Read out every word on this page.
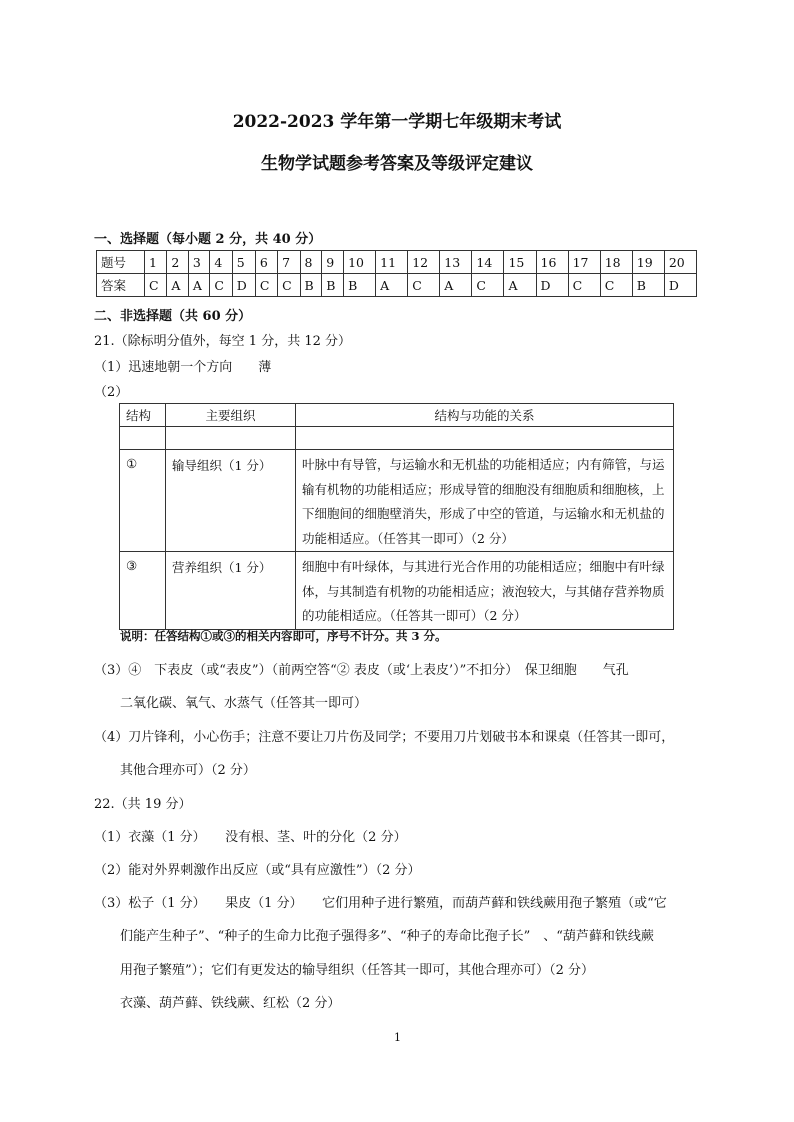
2022-2023 学年第一学期七年级期末考试
生物学试题参考答案及等级评定建议
一、选择题（每小题 2 分，共 40 分）
题号	1	2	3	4	5	6	7	8	9	10	11	12	13	14	15	16	17	18	19	20
答案	C	A	A	C	D	C	C	B	B	B	A	C	A	C	A	D	C	C	B	D
二、非选择题（共 60 分）
21.（除标明分值外，每空 1 分，共 12 分）
（1）迅速地朝一个方向　　薄
（2）
结构	主要组织	结构与功能的关系

①	输导组织（1 分）	叶脉中有导管，与运输水和无机盐的功能相适应；内有筛管，与运输有机物的功能相适应；形成导管的细胞没有细胞质和细胞核，上下细胞间的细胞壁消失，形成了中空的管道，与运输水和无机盐的功能相适应。（任答其一即可）（2 分）
③	营养组织（1 分）	细胞中有叶绿体，与其进行光合作用的功能相适应；细胞中有叶绿体，与其制造有机物的功能相适应；液泡较大，与其储存营养物质的功能相适应。（任答其一即可）（2 分）
说明：任答结构①或③的相关内容即可，序号不计分。共 3 分。
（3）④　下表皮（或“表皮”）（前两空答“② 表皮（或‘上表皮’）”不扣分）　保卫细胞　　气孔
二氧化碳、氧气、水蒸气（任答其一即可）
（4）刀片锋利，小心伤手；注意不要让刀片伤及同学；不要用刀片划破书本和课桌（任答其一即可，
其他合理亦可）（2 分）
22.（共 19 分）
（1）衣藻（1 分）　　没有根、茎、叶的分化（2 分）
（2）能对外界刺激作出反应（或“具有应激性”）（2 分）
（3）松子（1 分）　　果皮（1 分）　　它们用种子进行繁殖，而葫芦藓和铁线蕨用孢子繁殖（或“它
们能产生种子”、“种子的生命力比孢子强得多”、“种子的寿命比孢子长”　、“葫芦藓和铁线蕨
用孢子繁殖”）；它们有更发达的输导组织（任答其一即可，其他合理亦可）（2 分）
衣藻、葫芦藓、铁线蕨、红松（2 分）
1
